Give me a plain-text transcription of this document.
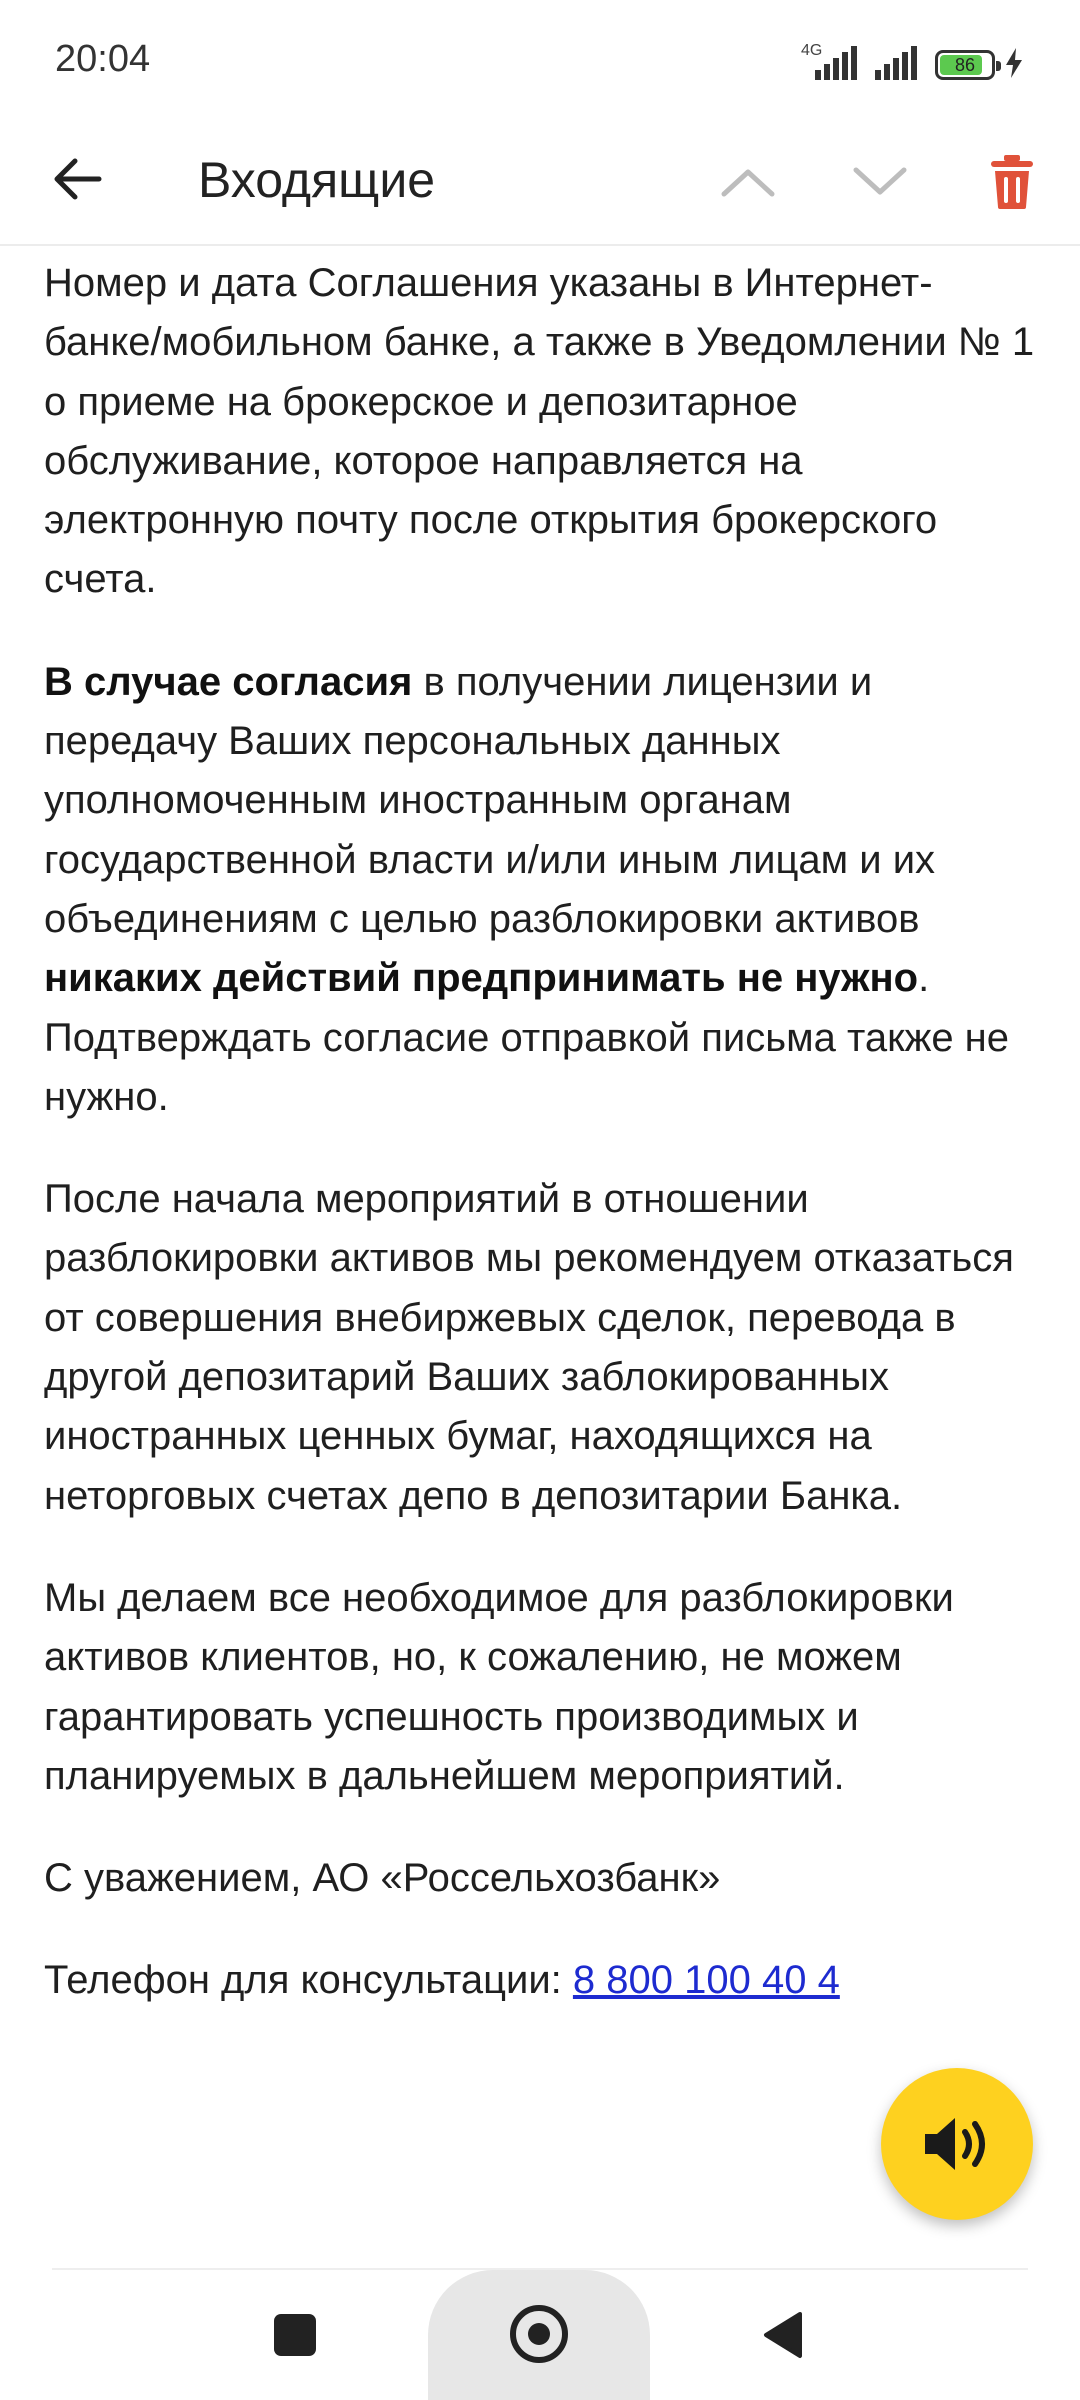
20:04	4G
86
Входящие

Номер и дата Соглашения указаны в Интернет-банке/мобильном банке, а также в Уведомлении № 1 о приеме на брокерское и депозитарное обслуживание, которое направляется на электронную почту после открытия брокерского счета.

В случае согласия в получении лицензии и передачу Ваших персональных данных уполномоченным иностранным органам государственной власти и/или иным лицам и их объединениям с целью разблокировки активов никаких действий предпринимать не нужно. Подтверждать согласие отправкой письма также не нужно.

После начала мероприятий в отношении разблокировки активов мы рекомендуем отказаться от совершения внебиржевых сделок, перевода в другой депозитарий Ваших заблокированных иностранных ценных бумаг, находящихся на неторговых счетах депо в депозитарии Банка.

Мы делаем все необходимое для разблокировки активов клиентов, но, к сожалению, не можем гарантировать успешность производимых и планируемых в дальнейшем мероприятий.

С уважением, АО «Россельхозбанк»

Телефон для консультации: 8 800 100 40 4
